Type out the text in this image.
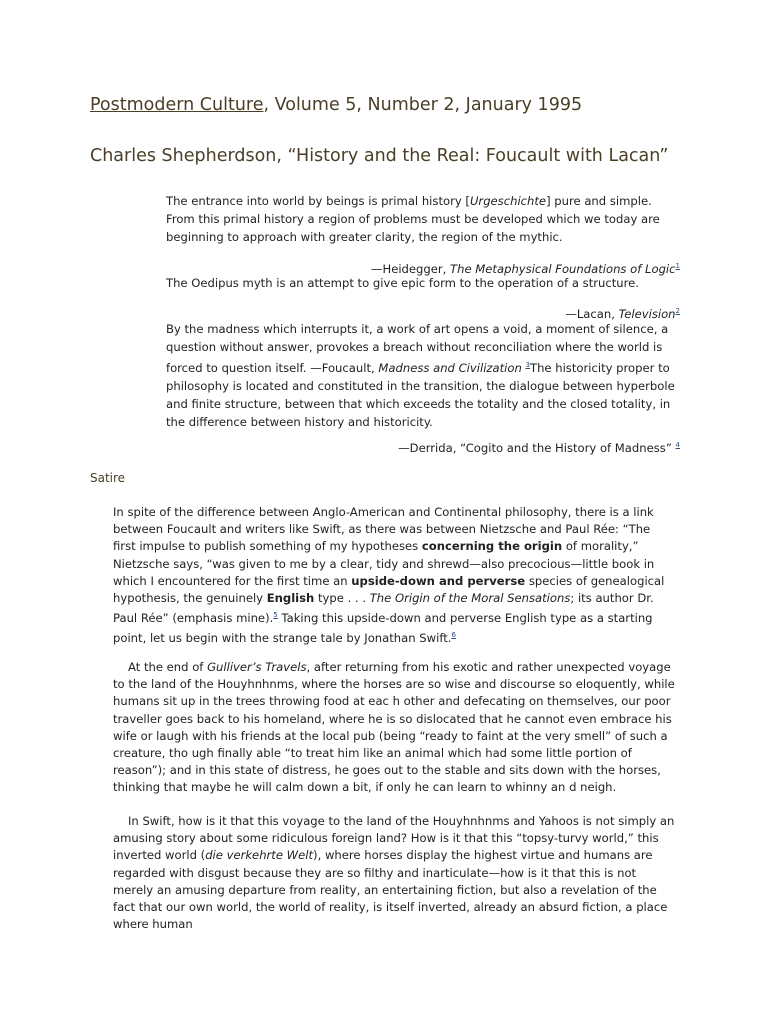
Postmodern Culture, Volume 5, Number 2, January 1995
Charles Shepherdson, “History and the Real: Foucault with Lacan”

The entrance into world by beings is primal history [Urgeschichte] pure and simple. From this primal history a region of problems must be developed which we today are beginning to approach with greater clarity, the region of the mythic.

—Heidegger, The Metaphysical Foundations of Logic$^1$

The Oedipus myth is an attempt to give epic form to the operation of a structure.

—Lacan, Television$^2$

By the madness which interrupts it, a work of art opens a void, a moment of silence, a question without answer, provokes a breach without reconciliation where the world is forced to question itself. —Foucault, Madness and Civilization $^3$The historicity proper to philosophy is located and constituted in the transition, the dialogue between hyperbole and finite structure, between that which exceeds the totality and the closed totality, in the difference between history and historicity.

—Derrida, “Cogito and the History of Madness” $^4$

Satire

In spite of the difference between Anglo-American and Continental philosophy, there is a link between Foucault and writers like Swift, as there was between Nietzsche and Paul Rée: “The first impulse to publish something of my hypotheses concerning the origin of morality,” Nietzsche says, “was given to me by a clear, tidy and shrewd—also precocious—little book in which I encountered for the first time an upside-down and perverse species of genealogical hypothesis, the genuinely English type . . . The Origin of the Moral Sensations; its author Dr. Paul Rée” (emphasis mine).$^5$ Taking this upside-down and perverse English type as a starting point, let us begin with the strange tale by Jonathan Swift.$^6$

At the end of Gulliver’s Travels, after returning from his exotic and rather unexpected voyage to the land of the Houyhnhnms, where the horses are so wise and discourse so eloquently, while humans sit up in the trees throwing food at eac h other and defecating on themselves, our poor traveller goes back to his homeland, where he is so dislocated that he cannot even embrace his wife or laugh with his friends at the local pub (being “ready to faint at the very smell” of such a creature, tho ugh finally able “to treat him like an animal which had some little portion of reason”); and in this state of distress, he goes out to the stable and sits down with the horses, thinking that maybe he will calm down a bit, if only he can learn to whinny an d neigh.

In Swift, how is it that this voyage to the land of the Houyhnhnms and Yahoos is not simply an amusing story about some ridiculous foreign land? How is it that this “topsy-turvy world,” this inverted world (die verkehrte Welt), where horses display the highest virtue and humans are regarded with disgust because they are so filthy and inarticulate—how is it that this is not merely an amusing departure from reality, an entertaining fiction, but also a revelation of the fact that our own world, the world of reality, is itself inverted, already an absurd fiction, a place where human
